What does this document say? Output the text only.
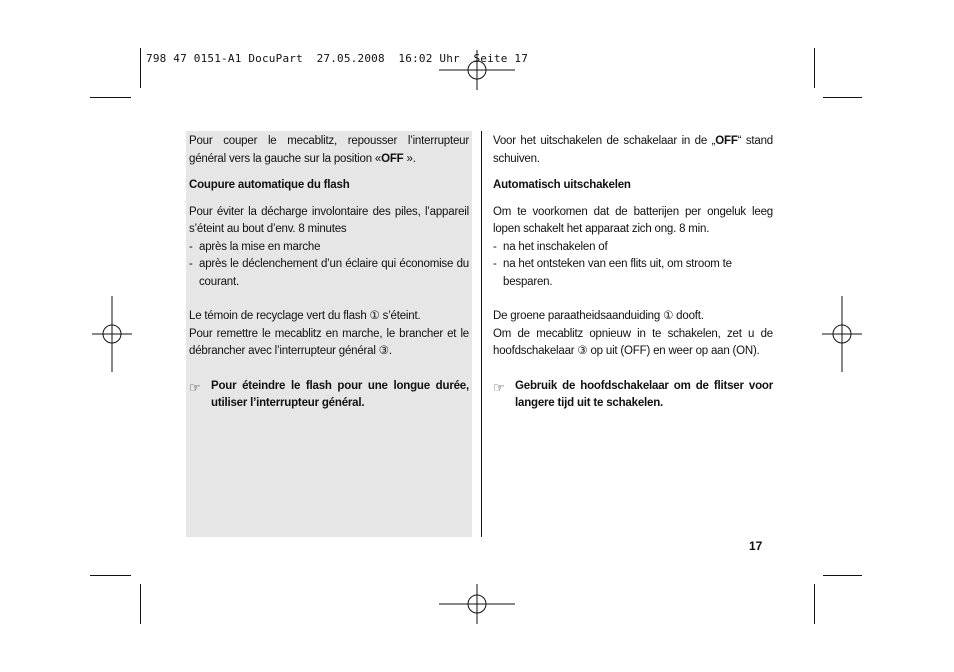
798 47 0151-A1 DocuPart  27.05.2008  16:02 Uhr  Seite 17

Pour couper le mecablitz, repousser l’interrupteur général vers la gauche sur la position «OFF ».

Coupure automatique du flash

Pour éviter la décharge involontaire des piles, l’appareil s’éteint au bout d’env. 8 minutes

- après la mise en marche
- après le déclenchement d’un éclaire qui économise du courant.

Le témoin de recyclage vert du flash ① s’éteint.

Pour remettre le mecablitz en marche, le brancher et le débrancher avec l’interrupteur général ③.

☞ Pour éteindre le flash pour une longue durée, utiliser l’interrupteur général.

Voor het uitschakelen de schakelaar in de „OFF“ stand schuiven.

Automatisch uitschakelen

Om te voorkomen dat de batterijen per ongeluk leeg lopen schakelt het apparaat zich ong. 8 min.

- na het inschakelen of
- na het ontsteken van een flits uit, om stroom te besparen.

De groene paraatheidsaanduiding ① dooft.

Om de mecablitz opnieuw in te schakelen, zet u de hoofdschakelaar ③ op uit (OFF) en weer op aan (ON).

☞ Gebruik de hoofdschakelaar om de flitser voor langere tijd uit te schakelen.
17
